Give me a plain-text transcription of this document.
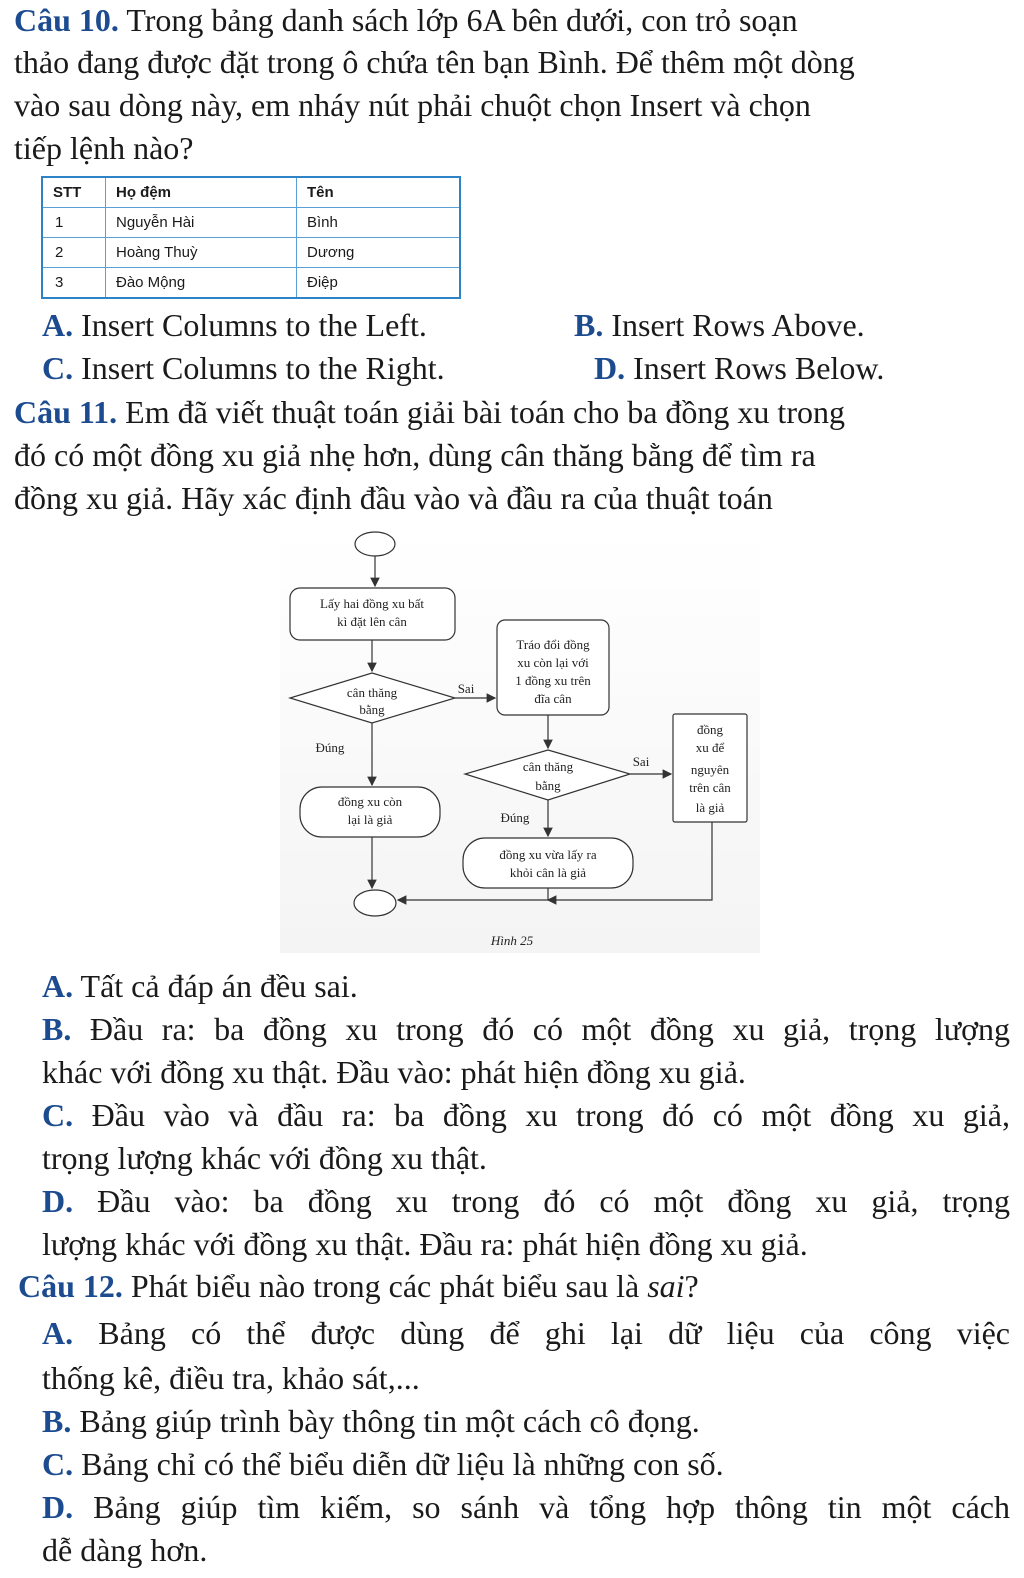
Câu 10. Trong bảng danh sách lớp 6A bên dưới, con trỏ soạn
thảo đang được đặt trong ô chứa tên bạn Bình. Để thêm một dòng
vào sau dòng này, em nháy nút phải chuột chọn Insert và chọn
tiếp lệnh nào?
STT	Họ đệm	Tên
1	Nguyễn Hài	Bình
2	Hoàng Thuỳ	Dương
3	Đào Mộng	Điệp
A. Insert Columns to the Left.	B. Insert Rows Above.
C. Insert Columns to the Right.	D. Insert Rows Below.
Câu 11. Em đã viết thuật toán giải bài toán cho ba đồng xu trong
đó có một đồng xu giả nhẹ hơn, dùng cân thăng bằng để tìm ra
đồng xu giả. Hãy xác định đầu vào và đầu ra của thuật toán
Lấy hai đồng xu bất
kì đặt lên cân
cân thăng
bằng
Sai
Đúng
Tráo đổi đồng
xu còn lại với
1 đồng xu trên
đĩa cân
cân thăng
bằng
Sai
Đúng
đồng xu còn
lại là giả
đồng
xu để
nguyên
trên cân
là giả
đồng xu vừa lấy ra
khỏi cân là giả
Hình 25
A. Tất cả đáp án đều sai.
B. Đầu ra: ba đồng xu trong đó có một đồng xu giả, trọng lượng
khác với đồng xu thật. Đầu vào: phát hiện đồng xu giả.
C. Đầu vào và đầu ra: ba đồng xu trong đó có một đồng xu giả,
trọng lượng khác với đồng xu thật.
D. Đầu vào: ba đồng xu trong đó có một đồng xu giả, trọng
lượng khác với đồng xu thật. Đầu ra: phát hiện đồng xu giả.
Câu 12. Phát biểu nào trong các phát biểu sau là sai?
A. Bảng có thể được dùng để ghi lại dữ liệu của công việc
thống kê, điều tra, khảo sát,...
B. Bảng giúp trình bày thông tin một cách cô đọng.
C. Bảng chỉ có thể biểu diễn dữ liệu là những con số.
D. Bảng giúp tìm kiếm, so sánh và tổng hợp thông tin một cách
dễ dàng hơn.
